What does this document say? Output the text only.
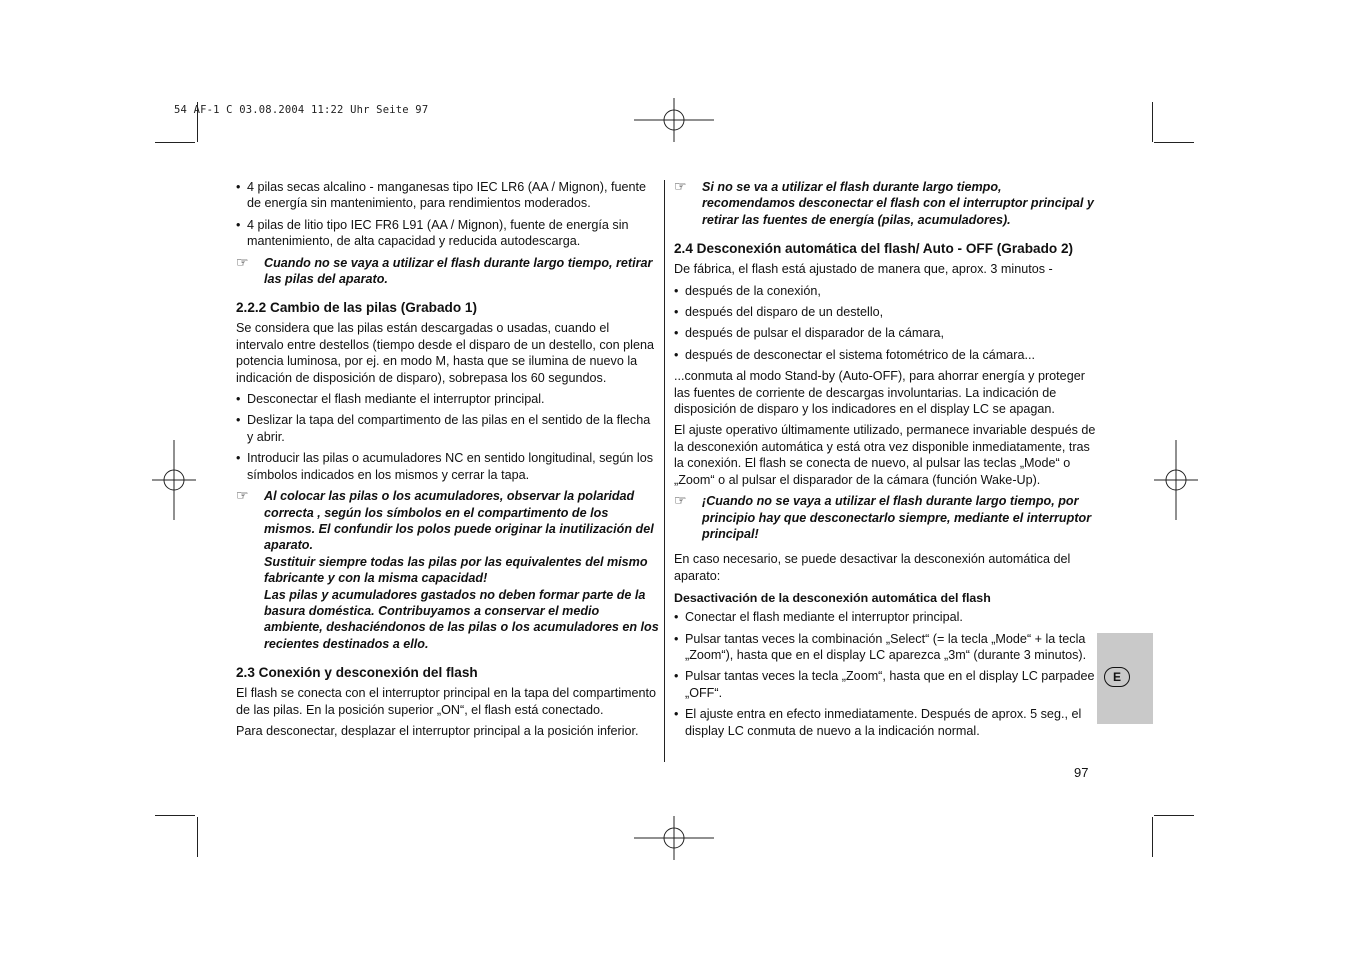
54 AF-1 C 03.08.2004 11:22 Uhr Seite 97
• 4 pilas secas alcalino - manganesas tipo IEC LR6 (AA / Mignon), fuente de energía sin mantenimiento, para rendimientos moderados.
• 4 pilas de litio tipo IEC FR6 L91 (AA / Mignon), fuente de energía sin mantenimiento, de alta capacidad y reducida autodescarga.
☞ Cuando no se vaya a utilizar el flash durante largo tiempo, retirar las pilas del aparato.
2.2.2 Cambio de las pilas (Grabado 1)

Se considera que las pilas están descargadas o usadas, cuando el intervalo entre destellos (tiempo desde el disparo de un destello, con plena potencia luminosa, por ej. en modo M, hasta que se ilumina de nuevo la indicación de disposición de disparo), sobrepasa los 60 segundos.

• Desconectar el flash mediante el interruptor principal.
• Deslizar la tapa del compartimento de las pilas en el sentido de la flecha y abrir.
• Introducir las pilas o acumuladores NC en sentido longitudinal, según los símbolos indicados en los mismos y cerrar la tapa.
☞ Al colocar las pilas o los acumuladores, observar la polaridad correcta , según los símbolos en el compartimento de los mismos. El confundir los polos puede originar la inutilización del aparato.
Sustituir siempre todas las pilas por las equivalentes del mismo fabricante y con la misma capacidad!
Las pilas y acumuladores gastados no deben formar parte de la basura doméstica. Contribuyamos a conservar el medio ambiente, deshaciéndonos de las pilas o los acumuladores en los recientes destinados a ello.
2.3 Conexión y desconexión del flash

El flash se conecta con el interruptor principal en la tapa del compartimento de las pilas. En la posición superior „ON“, el flash está conectado.

Para desconectar, desplazar el interruptor principal a la posición inferior.

☞ Si no se va a utilizar el flash durante largo tiempo, recomendamos desconectar el flash con el interruptor principal y retirar las fuentes de energía (pilas, acumuladores).
2.4 Desconexión automática del flash/ Auto - OFF (Grabado 2)

De fábrica, el flash está ajustado de manera que, aprox. 3 minutos -

• después de la conexión,
• después del disparo de un destello,
• después de pulsar el disparador de la cámara,
• después de desconectar el sistema fotométrico de la cámara...

...conmuta al modo Stand-by (Auto-OFF), para ahorrar energía y proteger las fuentes de corriente de descargas involuntarias. La indicación de disposición de disparo y los indicadores en el display LC se apagan.

El ajuste operativo últimamente utilizado, permanece invariable después de la desconexión automática y está otra vez disponible inmediatamente, tras la conexión. El flash se conecta de nuevo, al pulsar las teclas „Mode“ o „Zoom“ o al pulsar el disparador de la cámara (función Wake-Up).

☞ ¡Cuando no se vaya a utilizar el flash durante largo tiempo, por principio hay que desconectarlo siempre, mediante el interruptor principal!

En caso necesario, se puede desactivar la desconexión automática del aparato:

Desactivación de la desconexión automática del flash
• Conectar el flash mediante el interruptor principal.
• Pulsar tantas veces la combinación „Select“ (= la tecla „Mode“ + la tecla „Zoom“), hasta que en el display LC aparezca „3m“ (durante 3 minutos).
• Pulsar tantas veces la tecla „Zoom“, hasta que en el display LC parpadee „OFF“.
• El ajuste entra en efecto inmediatamente. Después de aprox. 5 seg., el display LC conmuta de nuevo a la indicación normal.
E
97
